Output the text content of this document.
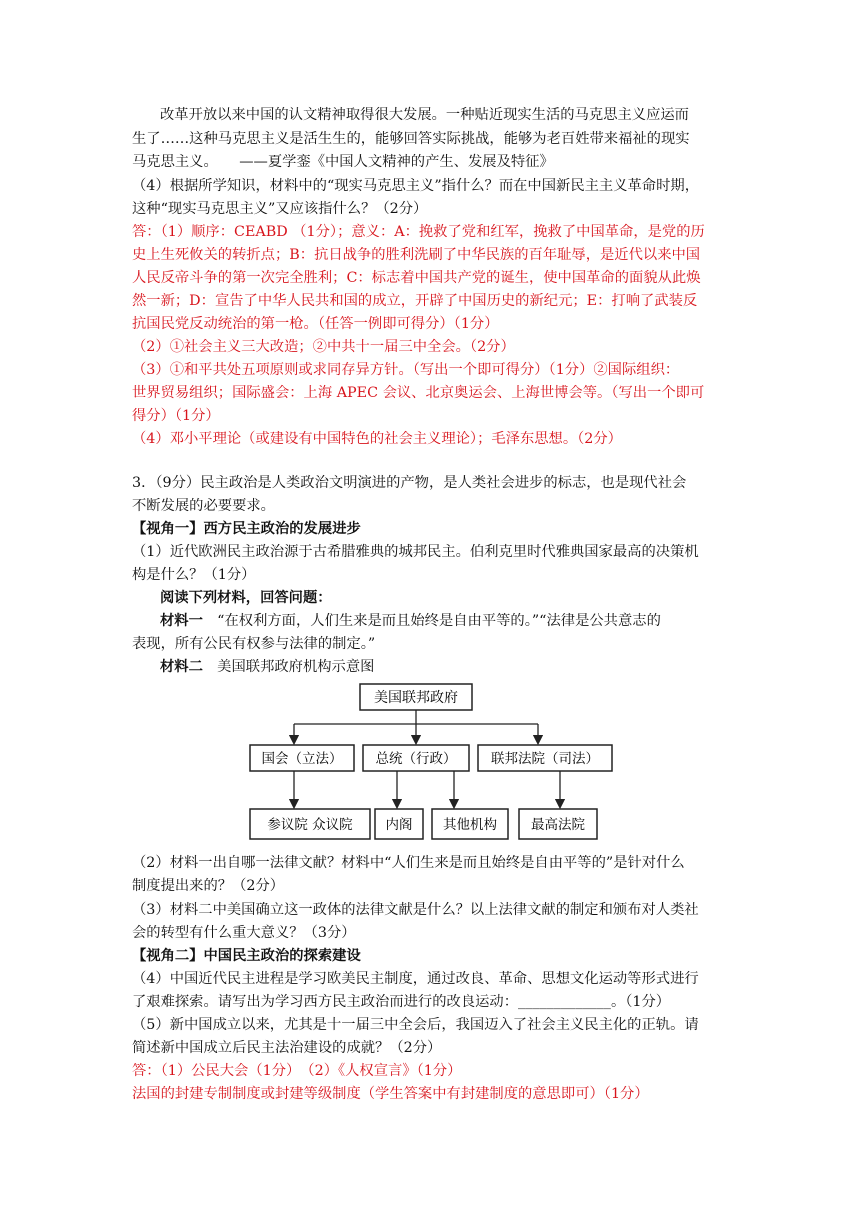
改革开放以来中国的认文精神取得很大发展。一种贴近现实生活的马克思主义应运而
生了……这种马克思主义是活生生的，能够回答实际挑战，能够为老百姓带来福祉的现实
马克思主义。　　——夏学銮《中国人文精神的产生、发展及特征》
（4）根据所学知识，材料中的“现实马克思主义”指什么？而在中国新民主主义革命时期，
这种“现实马克思主义”又应该指什么？（2分）
答：（1）顺序：CEABD （1分）；意义：A：挽救了党和红军，挽救了中国革命，是党的历
史上生死攸关的转折点；B：抗日战争的胜利洗刷了中华民族的百年耻辱，是近代以来中国
人民反帝斗争的第一次完全胜利；C：标志着中国共产党的诞生，使中国革命的面貌从此焕
然一新；D：宣告了中华人民共和国的成立，开辟了中国历史的新纪元；E：打响了武装反
抗国民党反动统治的第一枪。（任答一例即可得分）（1分）
（2）①社会主义三大改造；②中共十一届三中全会。（2分）
（3）①和平共处五项原则或求同存异方针。（写出一个即可得分）（1分）②国际组织：
世界贸易组织；国际盛会：上海 APEC 会议、北京奥运会、上海世博会等。（写出一个即可
得分）（1分）
（4）邓小平理论（或建设有中国特色的社会主义理论）；毛泽东思想。（2分）
3．（9分）民主政治是人类政治文明演进的产物，是人类社会进步的标志，也是现代社会
不断发展的必要要求。
【视角一】西方民主政治的发展进步
（1）近代欧洲民主政治源于古希腊雅典的城邦民主。伯利克里时代雅典国家最高的决策机
构是什么？（1分）
阅读下列材料，回答问题：
材料一　“在权利方面，人们生来是而且始终是自由平等的。”“法律是公共意志的
表现，所有公民有权参与法律的制定。”
材料二　美国联邦政府机构示意图
美国联邦政府
国会（立法） 总统（行政）	联邦法院（司法）
参议院 众议院 内阁 其他机构	最高法院
（2）材料一出自哪一法律文献？材料中“人们生来是而且始终是自由平等的”是针对什么
制度提出来的？（2分）
（3）材料二中美国确立这一政体的法律文献是什么？以上法律文献的制定和颁布对人类社
会的转型有什么重大意义？（3分）
【视角二】中国民主政治的探索建设
（4）中国近代民主进程是学习欧美民主制度，通过改良、革命、思想文化运动等形式进行
了艰难探索。请写出为学习西方民主政治而进行的改良运动：_____________。（1分）
（5）新中国成立以来，尤其是十一届三中全会后，我国迈入了社会主义民主化的正轨。请
简述新中国成立后民主法治建设的成就？（2分）
答：（1）公民大会（1分）　（2）《人权宣言》（1分）
法国的封建专制制度或封建等级制度（学生答案中有封建制度的意思即可）（1分）
